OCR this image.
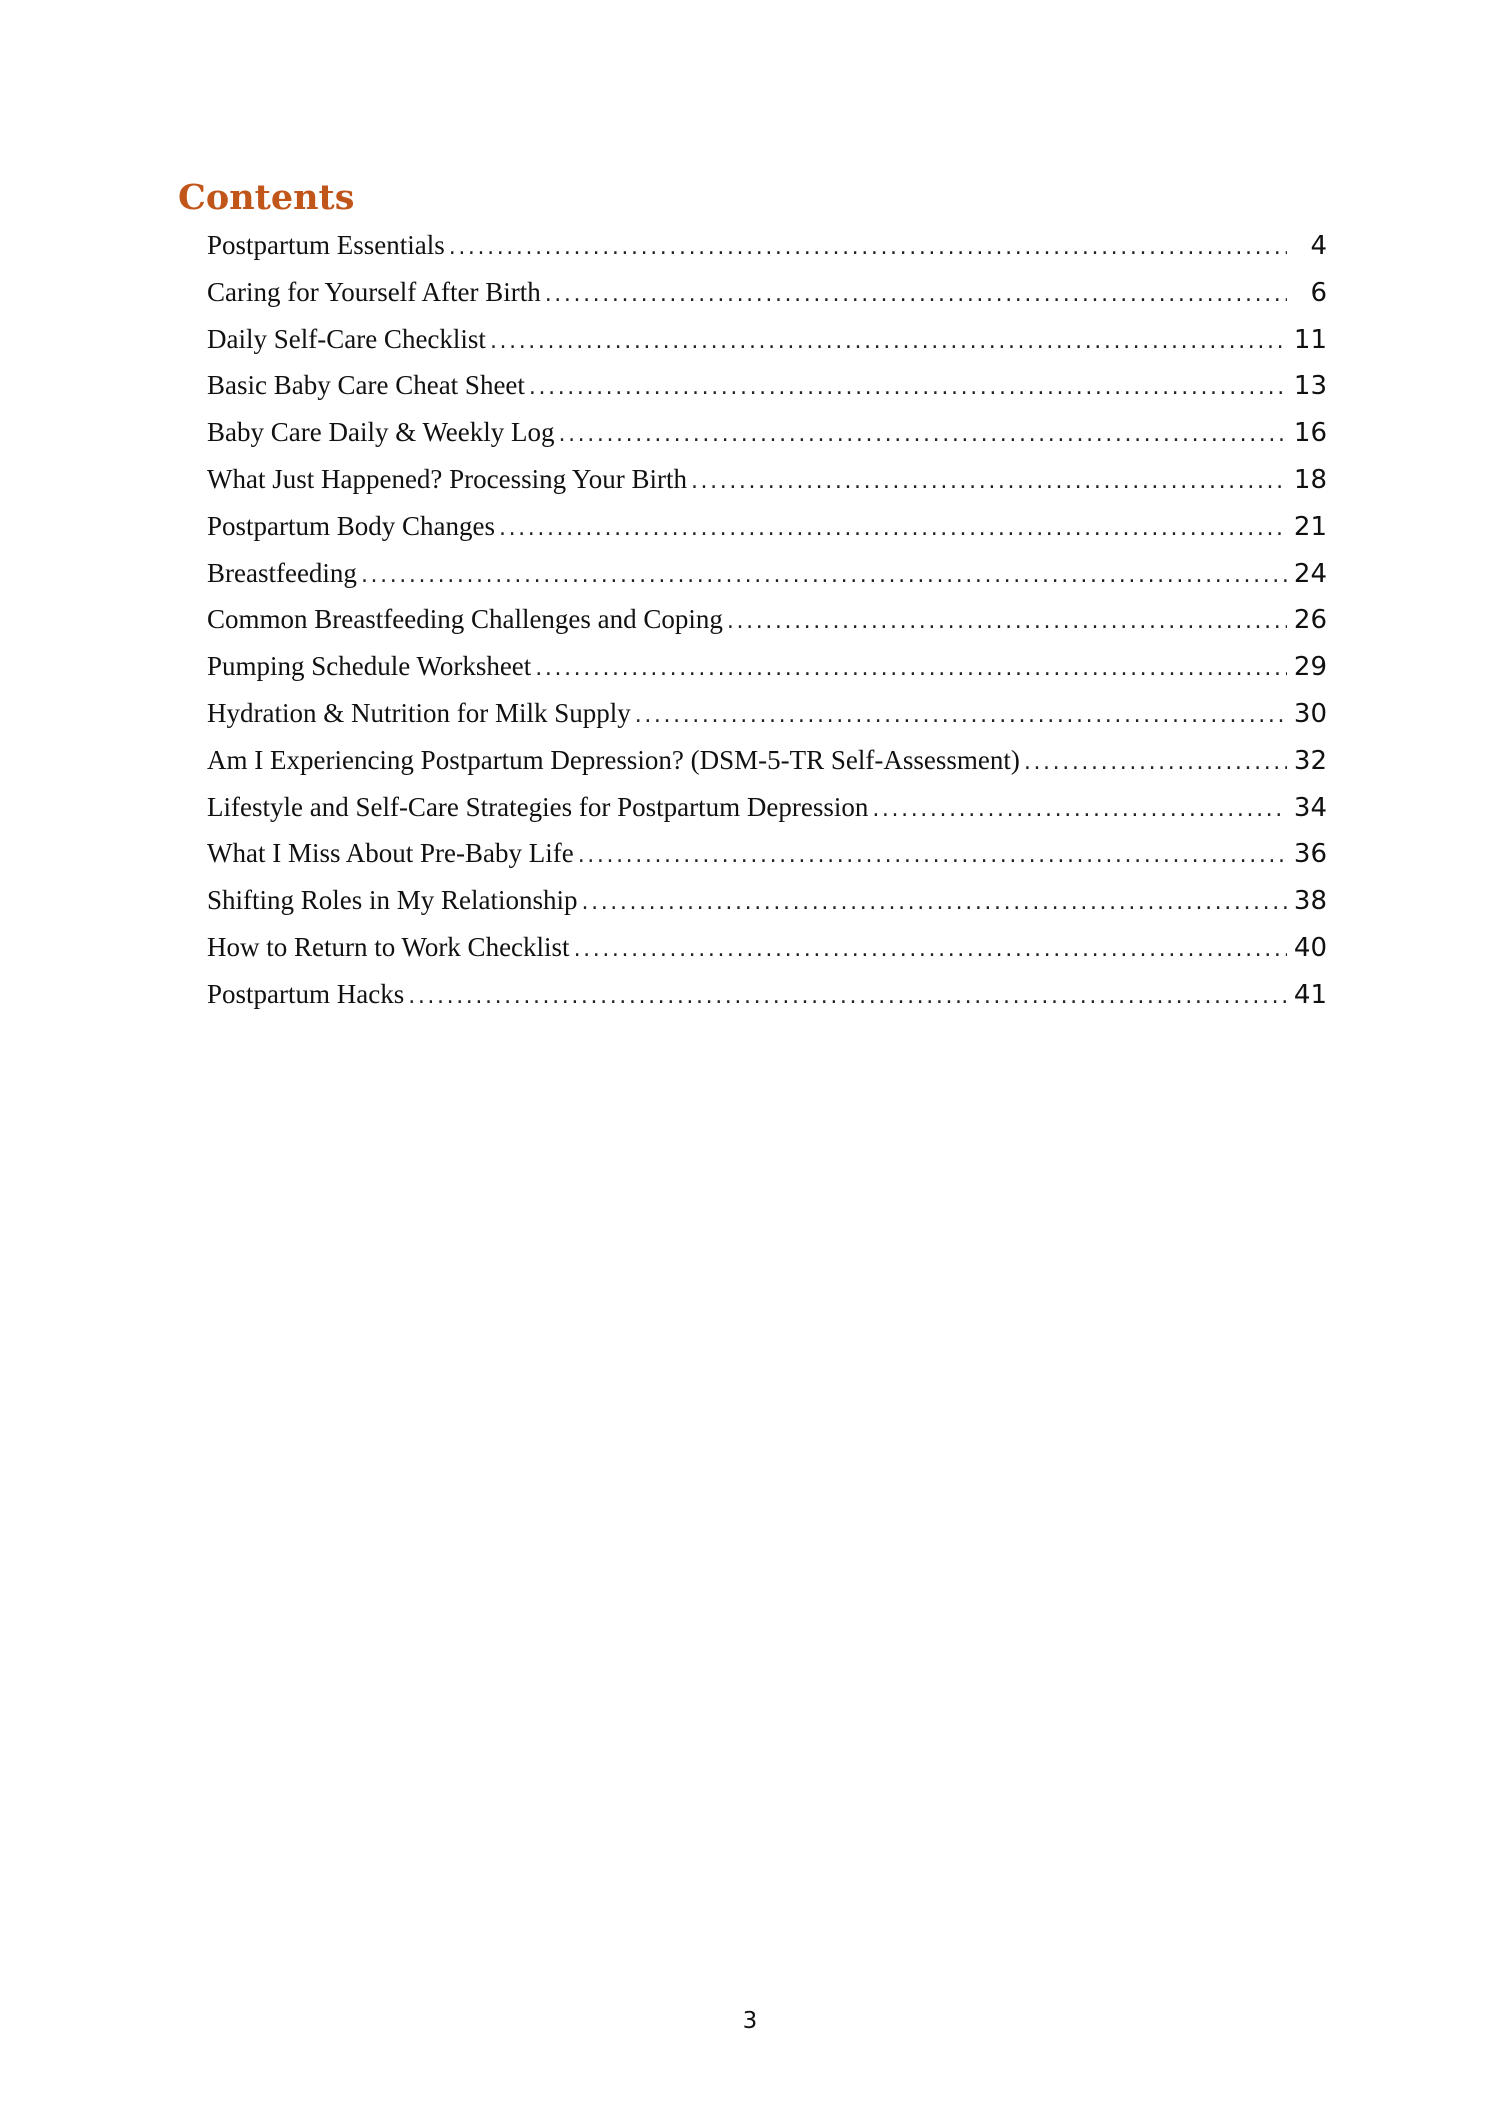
Contents
Postpartum Essentials .....	4
Caring for Yourself After Birth .....	6
Daily Self-Care Checklist .....	11
Basic Baby Care Cheat Sheet .....	13
Baby Care Daily & Weekly Log .....	16
What Just Happened? Processing Your Birth .....	18
Postpartum Body Changes .....	21
Breastfeeding .....	24
Common Breastfeeding Challenges and Coping .....	26
Pumping Schedule Worksheet .....	29
Hydration & Nutrition for Milk Supply .....	30
Am I Experiencing Postpartum Depression? (DSM-5-TR Self-Assessment) .....	32
Lifestyle and Self-Care Strategies for Postpartum Depression .....	34
What I Miss About Pre-Baby Life .....	36
Shifting Roles in My Relationship .....	38
How to Return to Work Checklist .....	40
Postpartum Hacks .....	41
3
